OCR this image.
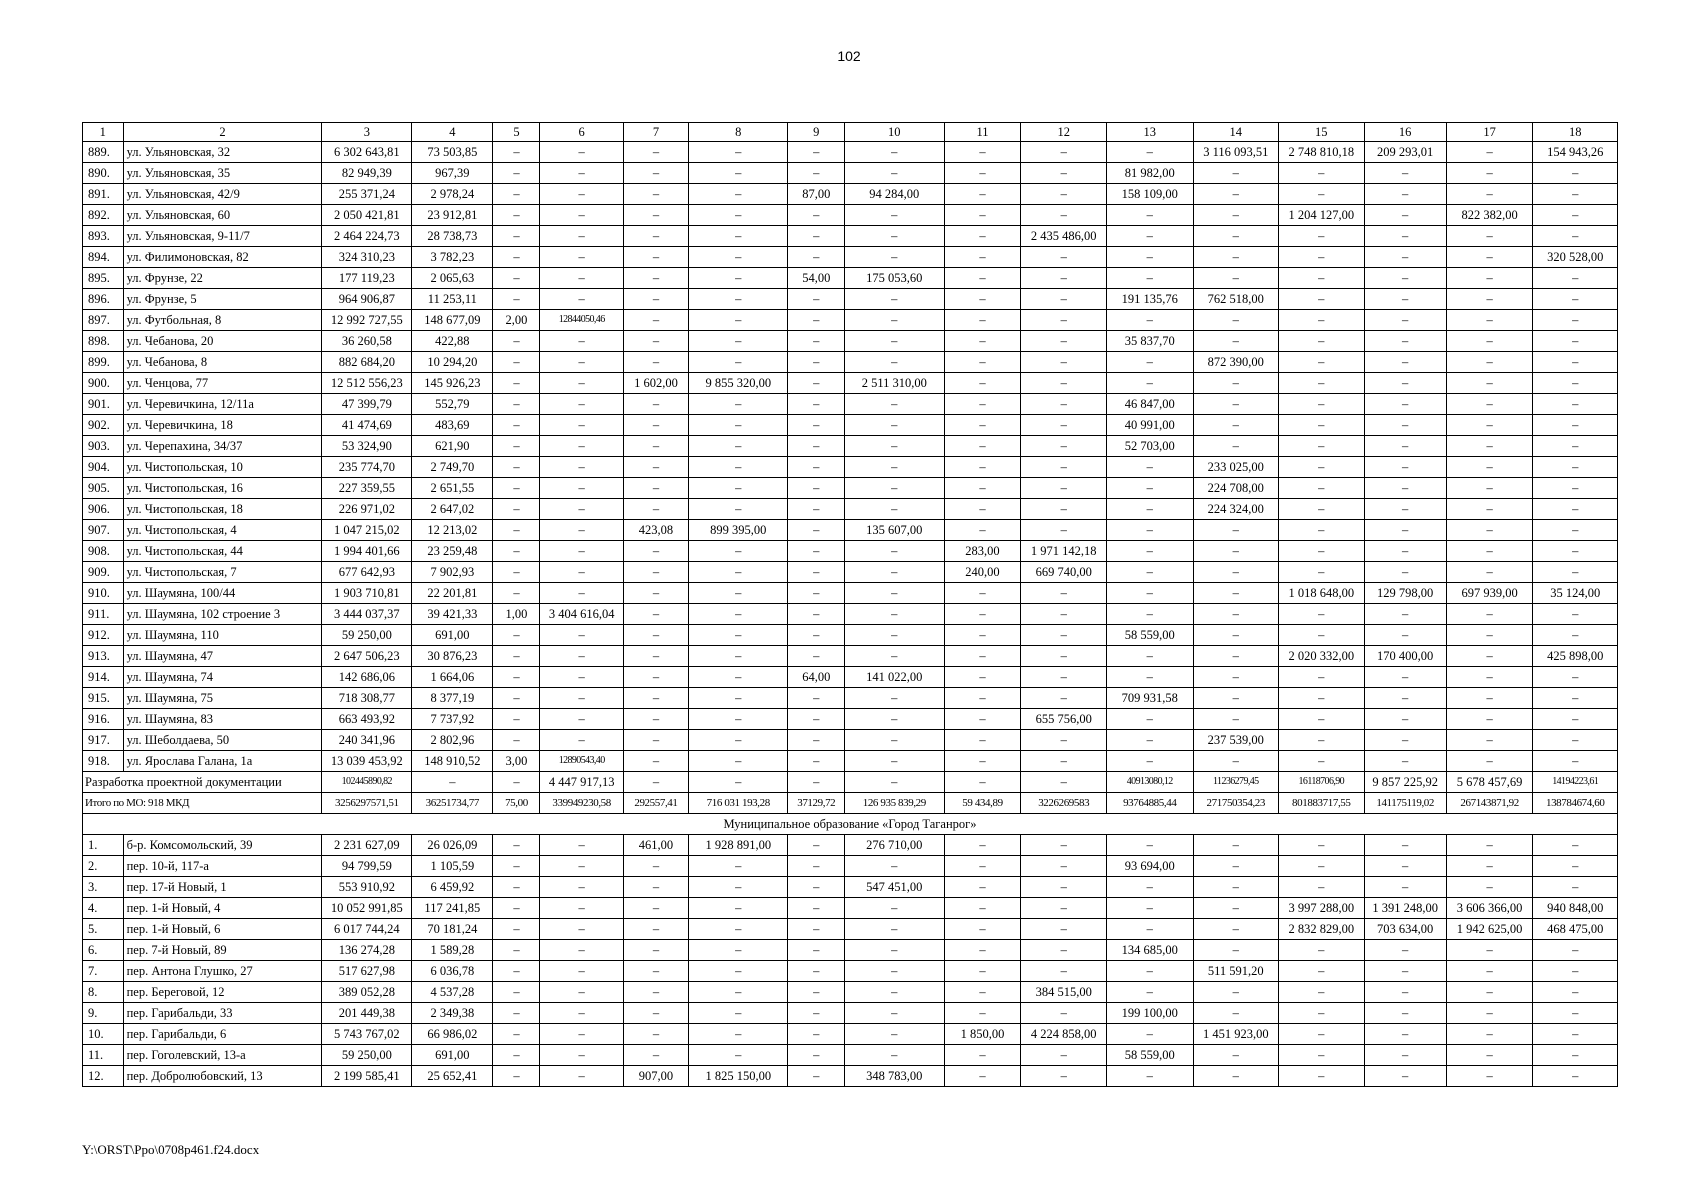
102
1	2	3	4	5	6	7	8	9	10	11	12	13	14	15	16	17	18
889.	ул. Ульяновская, 32	6 302 643,81	73 503,85	–	–	–	–	–	–	–	–	–	3 116 093,51	2 748 810,18	209 293,01	–	154 943,26
890.	ул. Ульяновская, 35	82 949,39	967,39	–	–	–	–	–	–	–	–	81 982,00	–	–	–	–	–
891.	ул. Ульяновская, 42/9	255 371,24	2 978,24	–	–	–	–	87,00	94 284,00	–	–	158 109,00	–	–	–	–	–
892.	ул. Ульяновская, 60	2 050 421,81	23 912,81	–	–	–	–	–	–	–	–	–	–	1 204 127,00	–	822 382,00	–
893.	ул. Ульяновская, 9-11/7	2 464 224,73	28 738,73	–	–	–	–	–	–	–	2 435 486,00	–	–	–	–	–	–
894.	ул. Филимоновская, 82	324 310,23	3 782,23	–	–	–	–	–	–	–	–	–	–	–	–	–	320 528,00
895.	ул. Фрунзе, 22	177 119,23	2 065,63	–	–	–	–	54,00	175 053,60	–	–	–	–	–	–	–	–
896.	ул. Фрунзе, 5	964 906,87	11 253,11	–	–	–	–	–	–	–	–	191 135,76	762 518,00	–	–	–	–
897.	ул. Футбольная, 8	12 992 727,55	148 677,09	2,00	12844050,46	–	–	–	–	–	–	–	–	–	–	–	–
898.	ул. Чебанова, 20	36 260,58	422,88	–	–	–	–	–	–	–	–	35 837,70	–	–	–	–	–
899.	ул. Чебанова, 8	882 684,20	10 294,20	–	–	–	–	–	–	–	–	–	872 390,00	–	–	–	–
900.	ул. Ченцова, 77	12 512 556,23	145 926,23	–	–	1 602,00	9 855 320,00	–	2 511 310,00	–	–	–	–	–	–	–	–
901.	ул. Черевичкина, 12/11а	47 399,79	552,79	–	–	–	–	–	–	–	–	46 847,00	–	–	–	–	–
902.	ул. Черевичкина, 18	41 474,69	483,69	–	–	–	–	–	–	–	–	40 991,00	–	–	–	–	–
903.	ул. Черепахина, 34/37	53 324,90	621,90	–	–	–	–	–	–	–	–	52 703,00	–	–	–	–	–
904.	ул. Чистопольская, 10	235 774,70	2 749,70	–	–	–	–	–	–	–	–	–	233 025,00	–	–	–	–
905.	ул. Чистопольская, 16	227 359,55	2 651,55	–	–	–	–	–	–	–	–	–	224 708,00	–	–	–	–
906.	ул. Чистопольская, 18	226 971,02	2 647,02	–	–	–	–	–	–	–	–	–	224 324,00	–	–	–	–
907.	ул. Чистопольская, 4	1 047 215,02	12 213,02	–	–	423,08	899 395,00	–	135 607,00	–	–	–	–	–	–	–	–
908.	ул. Чистопольская, 44	1 994 401,66	23 259,48	–	–	–	–	–	–	283,00	1 971 142,18	–	–	–	–	–	–
909.	ул. Чистопольская, 7	677 642,93	7 902,93	–	–	–	–	–	–	240,00	669 740,00	–	–	–	–	–	–
910.	ул. Шаумяна, 100/44	1 903 710,81	22 201,81	–	–	–	–	–	–	–	–	–	–	1 018 648,00	129 798,00	697 939,00	35 124,00
911.	ул. Шаумяна, 102 строение 3	3 444 037,37	39 421,33	1,00	3 404 616,04	–	–	–	–	–	–	–	–	–	–	–	–
912.	ул. Шаумяна, 110	59 250,00	691,00	–	–	–	–	–	–	–	–	58 559,00	–	–	–	–	–
913.	ул. Шаумяна, 47	2 647 506,23	30 876,23	–	–	–	–	–	–	–	–	–	–	2 020 332,00	170 400,00	–	425 898,00
914.	ул. Шаумяна, 74	142 686,06	1 664,06	–	–	–	–	64,00	141 022,00	–	–	–	–	–	–	–	–
915.	ул. Шаумяна, 75	718 308,77	8 377,19	–	–	–	–	–	–	–	–	709 931,58	–	–	–	–	–
916.	ул. Шаумяна, 83	663 493,92	7 737,92	–	–	–	–	–	–	–	655 756,00	–	–	–	–	–	–
917.	ул. Шеболдаева, 50	240 341,96	2 802,96	–	–	–	–	–	–	–	–	–	237 539,00	–	–	–	–
918.	ул. Ярослава Галана, 1а	13 039 453,92	148 910,52	3,00	12890543,40	–	–	–	–	–	–	–	–	–	–	–	–
Разработка проектной документации		102445890,82	–	–	4 447 917,13	–	–	–	–	–	–	40913080,12	11236279,45	16118706,90	9 857 225,92	5 678 457,69	14194223,61
Итого по МО: 918 МКД		3256297571,51	36251734,77	75,00	339949230,58	292557,41	716 031 193,28	37129,72	126 935 839,29	59 434,89	3226269583	93764885,44	271750354,23	801883717,55	141175119,02	267143871,92	138784674,60
Муниципальное образование «Город Таганрог»																	
1.	б-р. Комсомольский, 39	2 231 627,09	26 026,09	–	–	461,00	1 928 891,00	–	276 710,00	–	–	–	–	–	–	–	–
2.	пер. 10-й, 117-а	94 799,59	1 105,59	–	–	–	–	–	–	–	–	93 694,00	–	–	–	–	–
3.	пер. 17-й Новый, 1	553 910,92	6 459,92	–	–	–	–	–	547 451,00	–	–	–	–	–	–	–	–
4.	пер. 1-й Новый, 4	10 052 991,85	117 241,85	–	–	–	–	–	–	–	–	–	–	3 997 288,00	1 391 248,00	3 606 366,00	940 848,00
5.	пер. 1-й Новый, 6	6 017 744,24	70 181,24	–	–	–	–	–	–	–	–	–	–	2 832 829,00	703 634,00	1 942 625,00	468 475,00
6.	пер. 7-й Новый, 89	136 274,28	1 589,28	–	–	–	–	–	–	–	–	134 685,00	–	–	–	–	–
7.	пер. Антона Глушко, 27	517 627,98	6 036,78	–	–	–	–	–	–	–	–	–	511 591,20	–	–	–	–
8.	пер. Береговой, 12	389 052,28	4 537,28	–	–	–	–	–	–	–	384 515,00	–	–	–	–	–	–
9.	пер. Гарибальди, 33	201 449,38	2 349,38	–	–	–	–	–	–	–	–	199 100,00	–	–	–	–	–
10.	пер. Гарибальди, 6	5 743 767,02	66 986,02	–	–	–	–	–	–	1 850,00	4 224 858,00	–	1 451 923,00	–	–	–	–
11.	пер. Гоголевский, 13-а	59 250,00	691,00	–	–	–	–	–	–	–	–	58 559,00	–	–	–	–	–
12.	пер. Добролюбовский, 13	2 199 585,41	25 652,41	–	–	907,00	1 825 150,00	–	348 783,00	–	–	–	–	–	–	–	–
Y:\ORST\Ppo\0708p461.f24.docx
